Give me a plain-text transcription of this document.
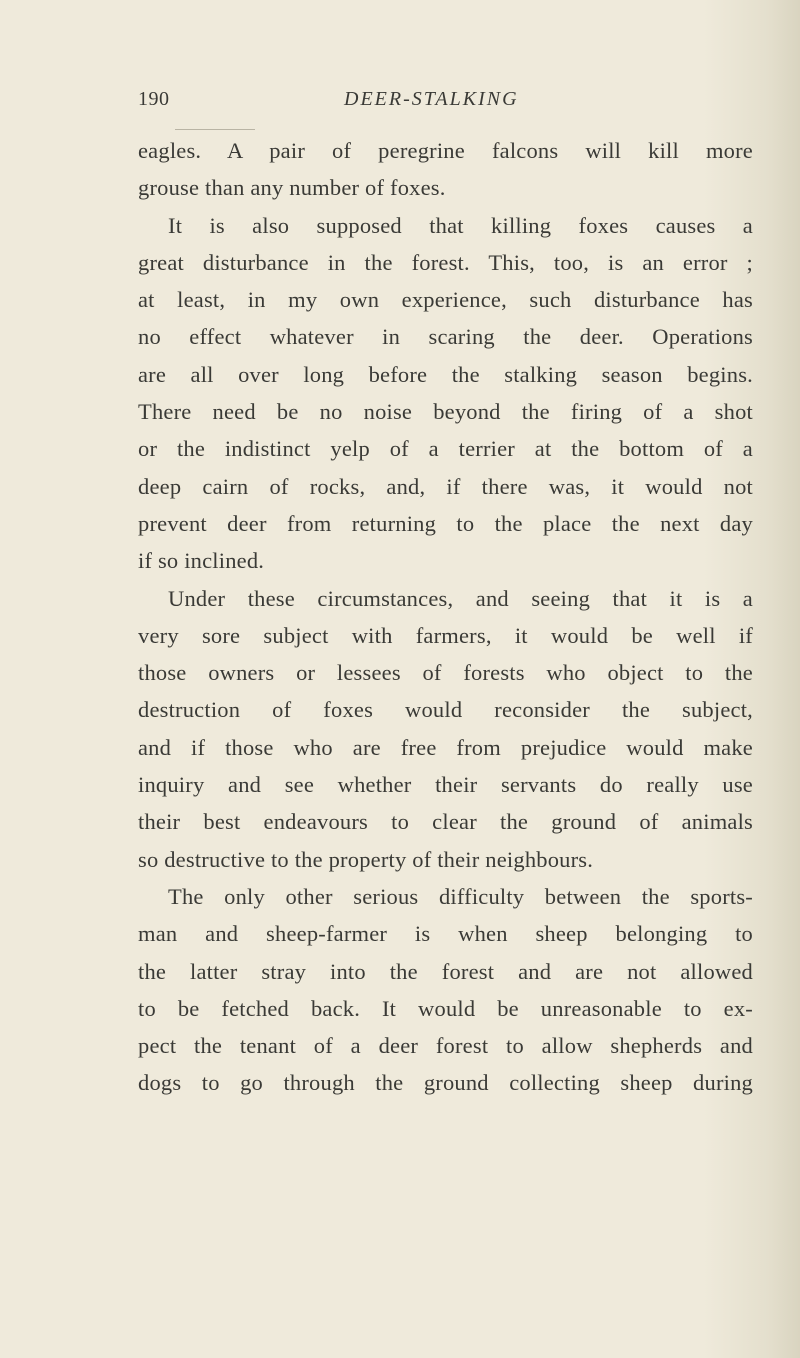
190	DEER-STALKING
eagles. A pair of peregrine falcons will kill more
grouse than any number of foxes.
It is also supposed that killing foxes causes a
great disturbance in the forest. This, too, is an error ;
at least, in my own experience, such disturbance has
no effect whatever in scaring the deer. Operations
are all over long before the stalking season begins.
There need be no noise beyond the firing of a shot
or the indistinct yelp of a terrier at the bottom of a
deep cairn of rocks, and, if there was, it would not
prevent deer from returning to the place the next day
if so inclined.
Under these circumstances, and seeing that it is a
very sore subject with farmers, it would be well if
those owners or lessees of forests who object to the
destruction of foxes would reconsider the subject,
and if those who are free from prejudice would make
inquiry and see whether their servants do really use
their best endeavours to clear the ground of animals
so destructive to the property of their neighbours.
The only other serious difficulty between the sports-
man and sheep-farmer is when sheep belonging to
the latter stray into the forest and are not allowed
to be fetched back. It would be unreasonable to ex-
pect the tenant of a deer forest to allow shepherds and
dogs to go through the ground collecting sheep during
